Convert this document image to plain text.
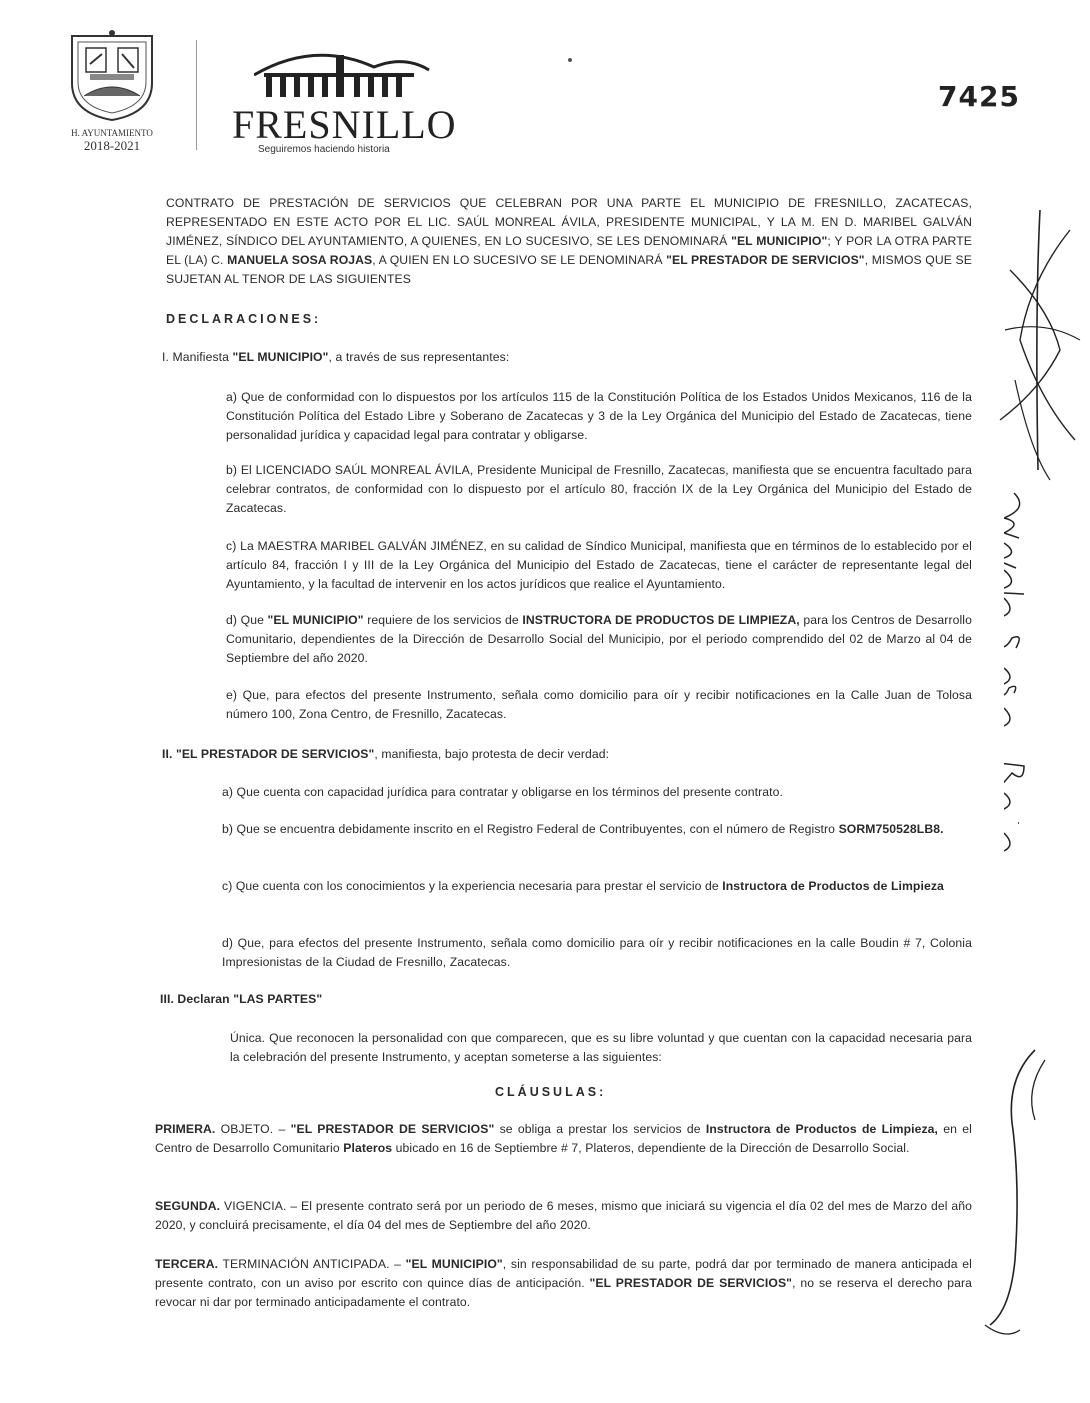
H. AYUNTAMIENTO
2018-2021	FRESNILLO
Seguiremos haciendo historia
7425
CONTRATO DE PRESTACIÓN DE SERVICIOS QUE CELEBRAN POR UNA PARTE EL MUNICIPIO DE FRESNILLO, ZACATECAS, REPRESENTADO EN ESTE ACTO POR EL LIC. SAÚL MONREAL ÁVILA, PRESIDENTE MUNICIPAL, Y LA M. EN D. MARIBEL GALVÁN JIMÉNEZ, SÍNDICO DEL AYUNTAMIENTO, A QUIENES, EN LO SUCESIVO, SE LES DENOMINARÁ "EL MUNICIPIO"; Y POR LA OTRA PARTE EL (LA) C. MANUELA SOSA ROJAS, A QUIEN EN LO SUCESIVO SE LE DENOMINARÁ "EL PRESTADOR DE SERVICIOS", MISMOS QUE SE SUJETAN AL TENOR DE LAS SIGUIENTES
DECLARACIONES:
I. Manifiesta "EL MUNICIPIO", a través de sus representantes:
a) Que de conformidad con lo dispuestos por los artículos 115 de la Constitución Política de los Estados Unidos Mexicanos, 116 de la Constitución Política del Estado Libre y Soberano de Zacatecas y 3 de la Ley Orgánica del Municipio del Estado de Zacatecas, tiene personalidad jurídica y capacidad legal para contratar y obligarse.
b) El LICENCIADO SAÚL MONREAL ÁVILA, Presidente Municipal de Fresnillo, Zacatecas, manifiesta que se encuentra facultado para celebrar contratos, de conformidad con lo dispuesto por el artículo 80, fracción IX de la Ley Orgánica del Municipio del Estado de Zacatecas.
c) La MAESTRA MARIBEL GALVÁN JIMÉNEZ, en su calidad de Síndico Municipal, manifiesta que en términos de lo establecido por el artículo 84, fracción I y III de la Ley Orgánica del Municipio del Estado de Zacatecas, tiene el carácter de representante legal del Ayuntamiento, y la facultad de intervenir en los actos jurídicos que realice el Ayuntamiento.
d) Que "EL MUNICIPIO" requiere de los servicios de INSTRUCTORA DE PRODUCTOS DE LIMPIEZA, para los Centros de Desarrollo Comunitario, dependientes de la Dirección de Desarrollo Social del Municipio, por el periodo comprendido del 02 de Marzo al 04 de Septiembre del año 2020.
e) Que, para efectos del presente Instrumento, señala como domicilio para oír y recibir notificaciones en la Calle Juan de Tolosa número 100, Zona Centro, de Fresnillo, Zacatecas.
II. "EL PRESTADOR DE SERVICIOS", manifiesta, bajo protesta de decir verdad:
a) Que cuenta con capacidad jurídica para contratar y obligarse en los términos del presente contrato.
b) Que se encuentra debidamente inscrito en el Registro Federal de Contribuyentes, con el número de Registro SORM750528LB8.
c) Que cuenta con los conocimientos y la experiencia necesaria para prestar el servicio de Instructora de Productos de Limpieza
d) Que, para efectos del presente Instrumento, señala como domicilio para oír y recibir notificaciones en la calle Boudin # 7, Colonia Impresionistas de la Ciudad de Fresnillo, Zacatecas.
III. Declaran "LAS PARTES"
Única. Que reconocen la personalidad con que comparecen, que es su libre voluntad y que cuentan con la capacidad necesaria para la celebración del presente Instrumento, y aceptan someterse a las siguientes:
CLÁUSULAS:
PRIMERA. OBJETO. – "EL PRESTADOR DE SERVICIOS" se obliga a prestar los servicios de Instructora de Productos de Limpieza, en el Centro de Desarrollo Comunitario Plateros ubicado en 16 de Septiembre # 7, Plateros, dependiente de la Dirección de Desarrollo Social.
SEGUNDA. VIGENCIA. – El presente contrato será por un periodo de 6 meses, mismo que iniciará su vigencia el día 02 del mes de Marzo del año 2020, y concluirá precisamente, el día 04 del mes de Septiembre del año 2020.
TERCERA. TERMINACIÓN ANTICIPADA. – "EL MUNICIPIO", sin responsabilidad de su parte, podrá dar por terminado de manera anticipada el presente contrato, con un aviso por escrito con quince días de anticipación. "EL PRESTADOR DE SERVICIOS", no se reserva el derecho para revocar ni dar por terminado anticipadamente el contrato.
